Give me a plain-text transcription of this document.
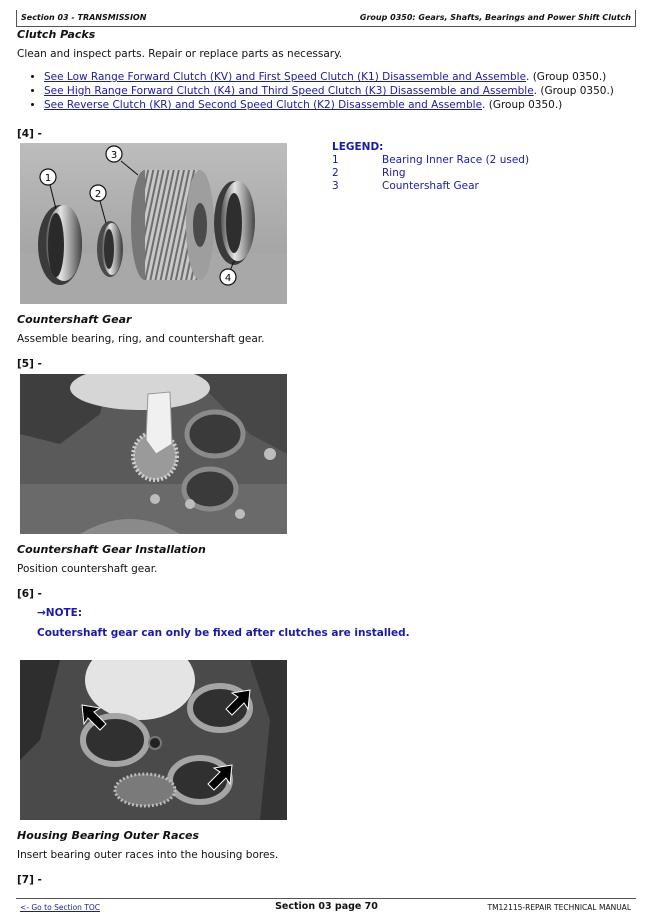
Section 03 - TRANSMISSION	Group 0350: Gears, Shafts, Bearings and Power Shift Clutch
Clutch Packs
Clean and inspect parts. Repair or replace parts as necessary.
• See Low Range Forward Clutch (KV) and First Speed Clutch (K1) Disassemble and Assemble. (Group 0350.)
• See High Range Forward Clutch (K4) and Third Speed Clutch (K3) Disassemble and Assemble. (Group 0350.)
• See Reverse Clutch (KR) and Second Speed Clutch (K2) Disassemble and Assemble. (Group 0350.)
[4] -
1
2
3
4
LEGEND:
1	Bearing Inner Race (2 used)
2	Ring
3	Countershaft Gear
Countershaft Gear
Assemble bearing, ring, and countershaft gear.
[5] -
Countershaft Gear Installation
Position countershaft gear.
[6] -
→NOTE:
Coutershaft gear can only be fixed after clutches are installed.
Housing Bearing Outer Races
Insert bearing outer races into the housing bores.
[7] -
<- Go to Section TOC	Section 03 page 70	TM12115-REPAIR TECHNICAL MANUAL
